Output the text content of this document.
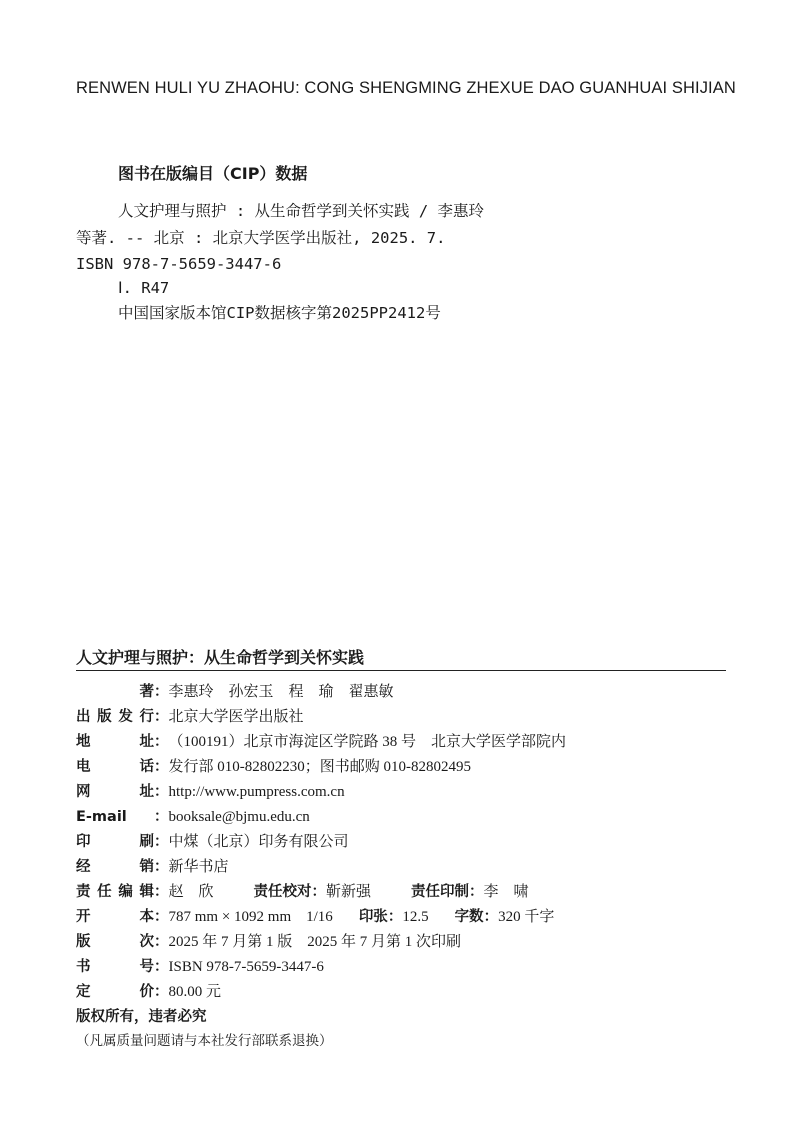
RENWEN HULI YU ZHAOHU: CONG SHENGMING ZHEXUE DAO GUANHUAI SHIJIAN
图书在版编目（CIP）数据
人文护理与照护 : 从生命哲学到关怀实践 / 李惠玲
等著. -- 北京 : 北京大学医学出版社, 2025. 7.
ISBN 978-7-5659-3447-6
Ⅰ. R47
中国国家版本馆CIP数据核字第2025PP2412号
人文护理与照护：从生命哲学到关怀实践
著 ： 李惠玲　孙宏玉　程　瑜　翟惠敏
出版发行 ： 北京大学医学出版社
地址 ： （100191）北京市海淀区学院路 38 号　北京大学医学部院内
电话 ： 发行部 010-82802230；图书邮购 010-82802495
网址 ： http://www.pumpress.com.cn
E-mail	： booksale@bjmu.edu.cn
印刷 ： 中煤（北京）印务有限公司
经销 ： 新华书店
责任编辑 ： 赵　欣	责任校对 ： 靳新强	责任印制 ： 李　啸
开本 ： 787 mm × 1092 mm　1/16 印张 ： 12.5 字数 ： 320 千字
版次 ： 2025 年 7 月第 1 版　2025 年 7 月第 1 次印刷
书号 ： ISBN 978-7-5659-3447-6
定价 ： 80.00 元
版权所有，违者必究
（凡属质量问题请与本社发行部联系退换）
